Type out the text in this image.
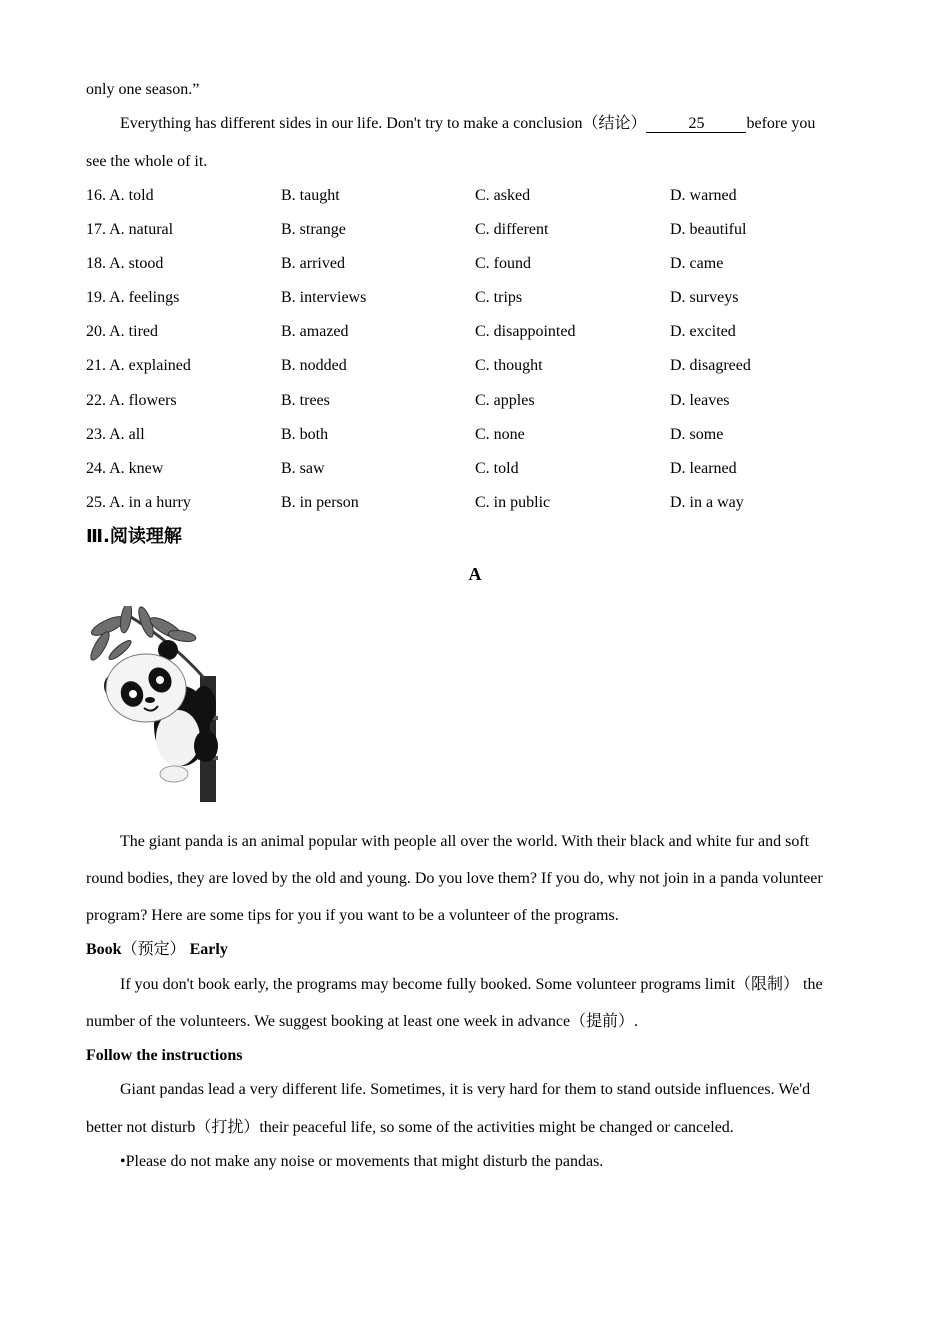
only one season.”
Everything has different sides in our life. Don't try to make a conclusion（结论）	25	before you
see the whole of it.
16. A. told	B. taught	C. asked	D. warned
17. A. natural	B. strange	C. different	D. beautiful
18. A. stood	B. arrived	C. found	D. came
19. A. feelings	B. interviews	C. trips	D. surveys
20. A. tired	B. amazed	C. disappointed	D. excited
21. A. explained	B. nodded	C. thought	D. disagreed
22. A. flowers	B. trees	C. apples	D. leaves
23. A. all	B. both	C. none	D. some
24. A. knew	B. saw	C. told	D. learned
25. A. in a hurry	B. in person	C. in public	D. in a way
Ⅲ.阅读理解
A
The giant panda is an animal popular with people all over the world. With their black and white fur and soft
round bodies, they are loved by the old and young. Do you love them? If you do, why not join in a panda volunteer
program? Here are some tips for you if you want to be a volunteer of the programs.
Book（预定） Early
If you don't book early, the programs may become fully booked. Some volunteer programs limit（限制） the
number of the volunteers. We suggest booking at least one week in advance（提前）.
Follow the instructions
Giant pandas lead a very different life. Sometimes, it is very hard for them to stand outside influences. We'd
better not disturb（打扰）their peaceful life, so some of the activities might be changed or canceled.
•Please do not make any noise or movements that might disturb the pandas.
